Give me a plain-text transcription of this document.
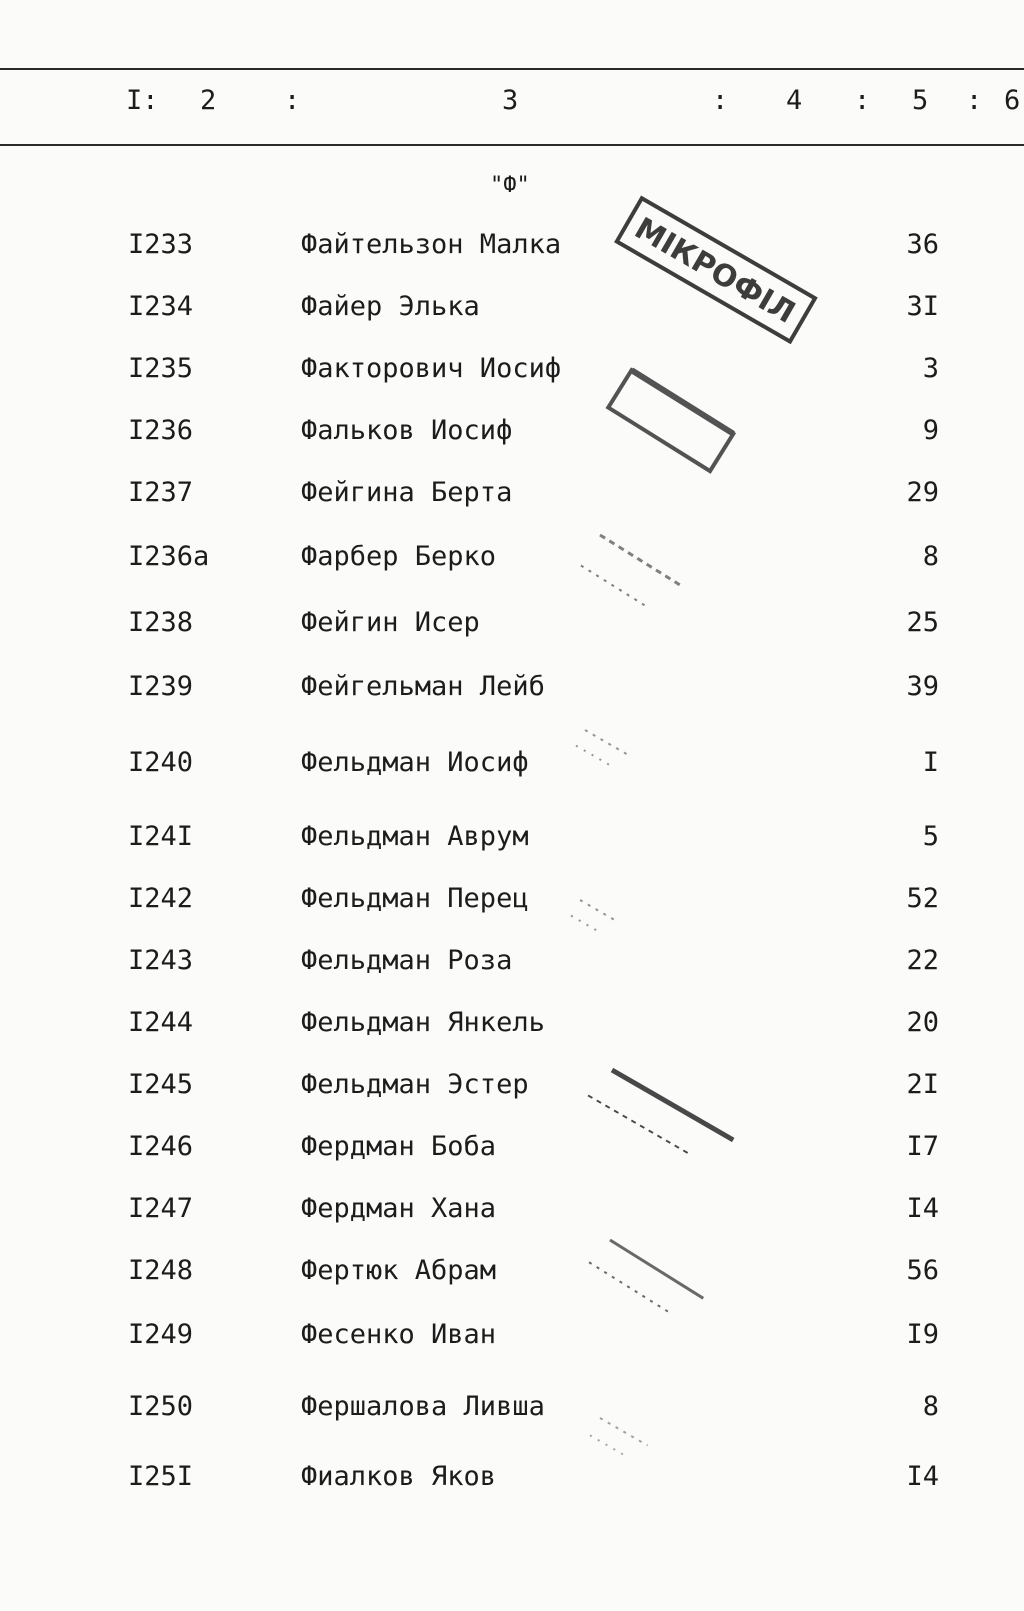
I: 2	:	3	: 4 : 5 : 6
"Ф"
I233	Файтельзон Малка	36
I234	Файер Элька	3I
I235	Факторович Иосиф	3
I236	Фальков Иосиф	9
I237	Фейгина Берта	29
I236а	Фарбер Берко	8
I238	Фейгин Исер	25
I239	Фейгельман Лейб	39
I240	Фельдман Иосиф	I
I24I	Фельдман Аврум	5
I242	Фельдман Перец	52
I243	Фельдман Роза	22
I244	Фельдман Янкель	20
I245	Фельдман Эстер	2I
I246	Фердман Боба	I7
I247	Фердман Хана	I4
I248	Фертюк Абрам	56
I249	Фесенко Иван	I9
I250	Фершалова Ливша	8
I25I	Фиалков Яков	I4
МІКРОФІЛ
